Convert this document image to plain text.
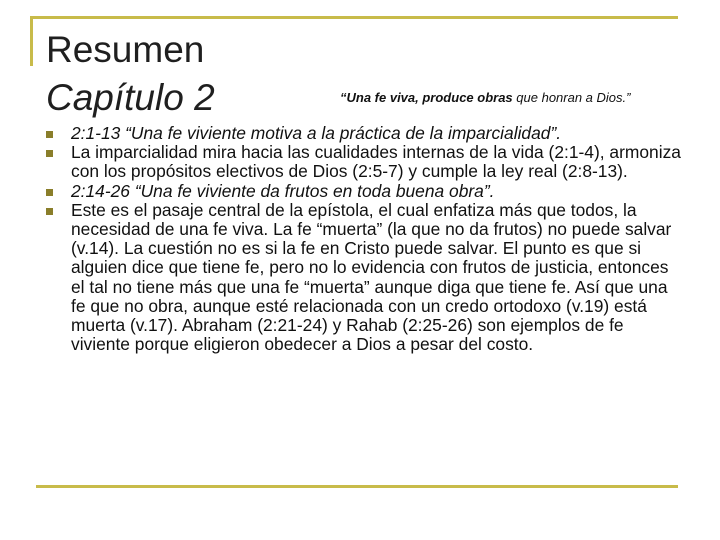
Resumen
Capítulo 2	“Una fe viva, produce obras que honran a Dios.”
2:1-13 “Una fe viviente motiva a la práctica de la imparcialidad”.
La imparcialidad mira hacia las cualidades internas de la vida (2:1-4), armoniza con los propósitos electivos de Dios (2:5-7) y cumple la ley real (2:8-13).
2:14-26 “Una fe viviente da frutos en toda buena obra”.
Este es el pasaje central de la epístola, el cual enfatiza más que todos, la necesidad de una fe viva. La fe “muerta” (la que no da frutos) no puede salvar (v.14). La cuestión no es si la fe en Cristo puede salvar. El punto es que si alguien dice que tiene fe, pero no lo evidencia con frutos de justicia, entonces el tal no tiene más que una fe “muerta” aunque diga que tiene fe. Así que una fe que no obra, aunque esté relacionada con un credo ortodoxo (v.19) está muerta (v.17). Abraham (2:21-24) y Rahab (2:25-26) son ejemplos de fe viviente porque eligieron obedecer a Dios a pesar del costo.
